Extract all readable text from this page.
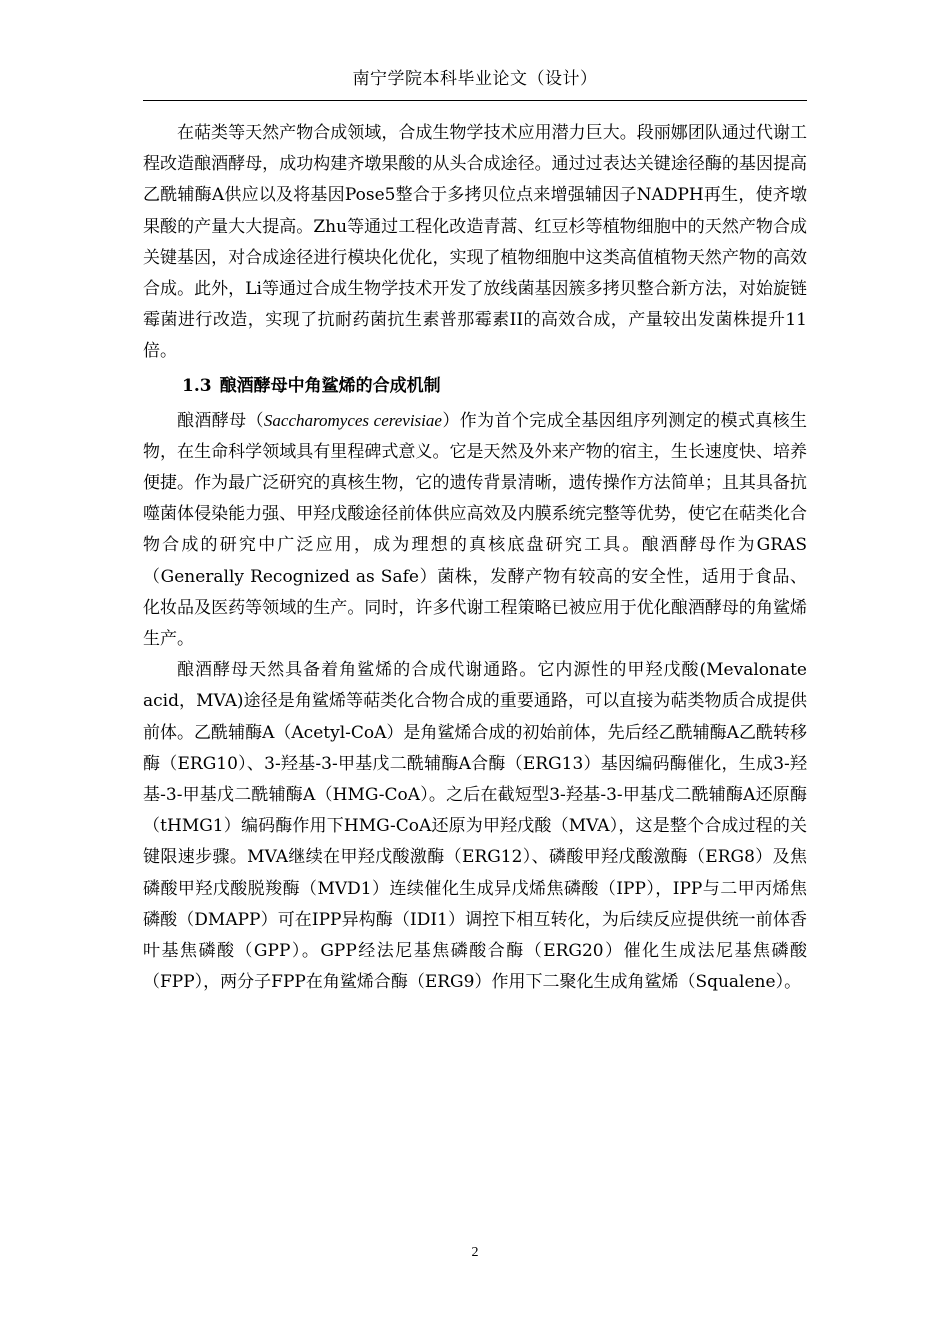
南宁学院本科毕业论文（设计）

在萜类等天然产物合成领域，合成生物学技术应用潜力巨大。段丽娜团队通过代谢工程改造酿酒酵母，成功构建齐墩果酸的从头合成途径。通过过表达关键途径酶的基因提高乙酰辅酶A供应以及将基因Pose5整合于多拷贝位点来增强辅因子NADPH再生，使齐墩果酸的产量大大提高。Zhu等通过工程化改造青蒿、红豆杉等植物细胞中的天然产物合成关键基因，对合成途径进行模块化优化，实现了植物细胞中这类高值植物天然产物的高效合成。此外，Li等通过合成生物学技术开发了放线菌基因簇多拷贝整合新方法，对始旋链霉菌进行改造，实现了抗耐药菌抗生素普那霉素II的高效合成，产量较出发菌株提升11倍。

1.3 酿酒酵母中角鲨烯的合成机制

酿酒酵母（Saccharomyces cerevisiae）作为首个完成全基因组序列测定的模式真核生物，在生命科学领域具有里程碑式意义。它是天然及外来产物的宿主，生长速度快、培养便捷。作为最广泛研究的真核生物，它的遗传背景清晰，遗传操作方法简单；且其具备抗噬菌体侵染能力强、甲羟戊酸途径前体供应高效及内膜系统完整等优势，使它在萜类化合物合成的研究中广泛应用，成为理想的真核底盘研究工具。酿酒酵母作为GRAS（Generally Recognized as Safe）菌株，发酵产物有较高的安全性，适用于食品、化妆品及医药等领域的生产。同时，许多代谢工程策略已被应用于优化酿酒酵母的角鲨烯生产。

酿酒酵母天然具备着角鲨烯的合成代谢通路。它内源性的甲羟戊酸(Mevalonate acid，MVA)途径是角鲨烯等萜类化合物合成的重要通路，可以直接为萜类物质合成提供前体。乙酰辅酶A（Acetyl-CoA）是角鲨烯合成的初始前体，先后经乙酰辅酶A乙酰转移酶（ERG10）、3-羟基-3-甲基戊二酰辅酶A合酶（ERG13）基因编码酶催化，生成3-羟基-3-甲基戊二酰辅酶A（HMG-CoA）。之后在截短型3-羟基-3-甲基戊二酰辅酶A还原酶（tHMG1）编码酶作用下HMG-CoA还原为甲羟戊酸（MVA），这是整个合成过程的关键限速步骤。MVA继续在甲羟戊酸激酶（ERG12）、磷酸甲羟戊酸激酶（ERG8）及焦磷酸甲羟戊酸脱羧酶（MVD1）连续催化生成异戊烯焦磷酸（IPP），IPP与二甲丙烯焦磷酸（DMAPP）可在IPP异构酶（IDI1）调控下相互转化，为后续反应提供统一前体香叶基焦磷酸（GPP）。GPP经法尼基焦磷酸合酶（ERG20）催化生成法尼基焦磷酸（FPP），两分子FPP在角鲨烯合酶（ERG9）作用下二聚化生成角鲨烯（Squalene）。

2
